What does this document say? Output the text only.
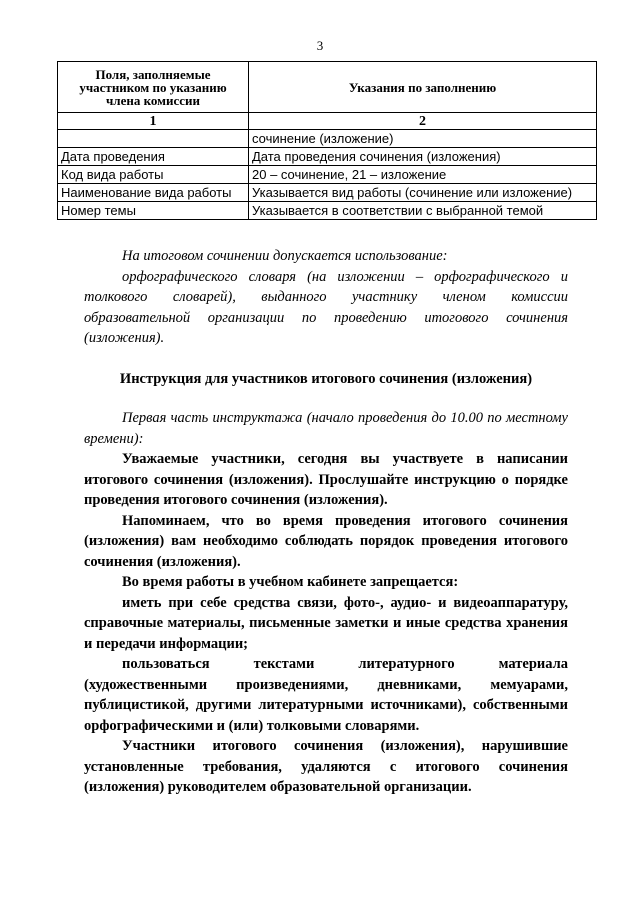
3
Поля, заполняемые участником по указанию члена комиссии	Указания по заполнению
1	2
	сочинение (изложение)
Дата проведения	Дата проведения сочинения (изложения)
Код вида работы	20 – сочинение, 21 – изложение
Наименование вида работы	Указывается вид работы (сочинение или изложение)
Номер темы	Указывается в соответствии с выбранной темой

На итоговом сочинении допускается использование:

орфографического словаря (на изложении – орфографического и толкового словарей), выданного участнику членом комиссии образовательной организации по проведению итогового сочинения (изложения).

Инструкция для участников итогового сочинения (изложения)

Первая часть инструктажа (начало проведения до 10.00 по местному времени):

Уважаемые участники, сегодня вы участвуете в написании итогового сочинения (изложения). Прослушайте инструкцию о порядке проведения итогового сочинения (изложения).

Напоминаем, что во время проведения итогового сочинения (изложения) вам необходимо соблюдать порядок проведения итогового сочинения (изложения).

Во время работы в учебном кабинете запрещается:

иметь при себе средства связи, фото-, аудио- и видеоаппаратуру, справочные материалы, письменные заметки и иные средства хранения и передачи информации;

пользоваться текстами литературного материала (художественными произведениями, дневниками, мемуарами, публицистикой, другими литературными источниками), собственными орфографическими и (или) толковыми словарями.

Участники итогового сочинения (изложения), нарушившие установленные требования, удаляются с итогового сочинения (изложения) руководителем образовательной организации.
